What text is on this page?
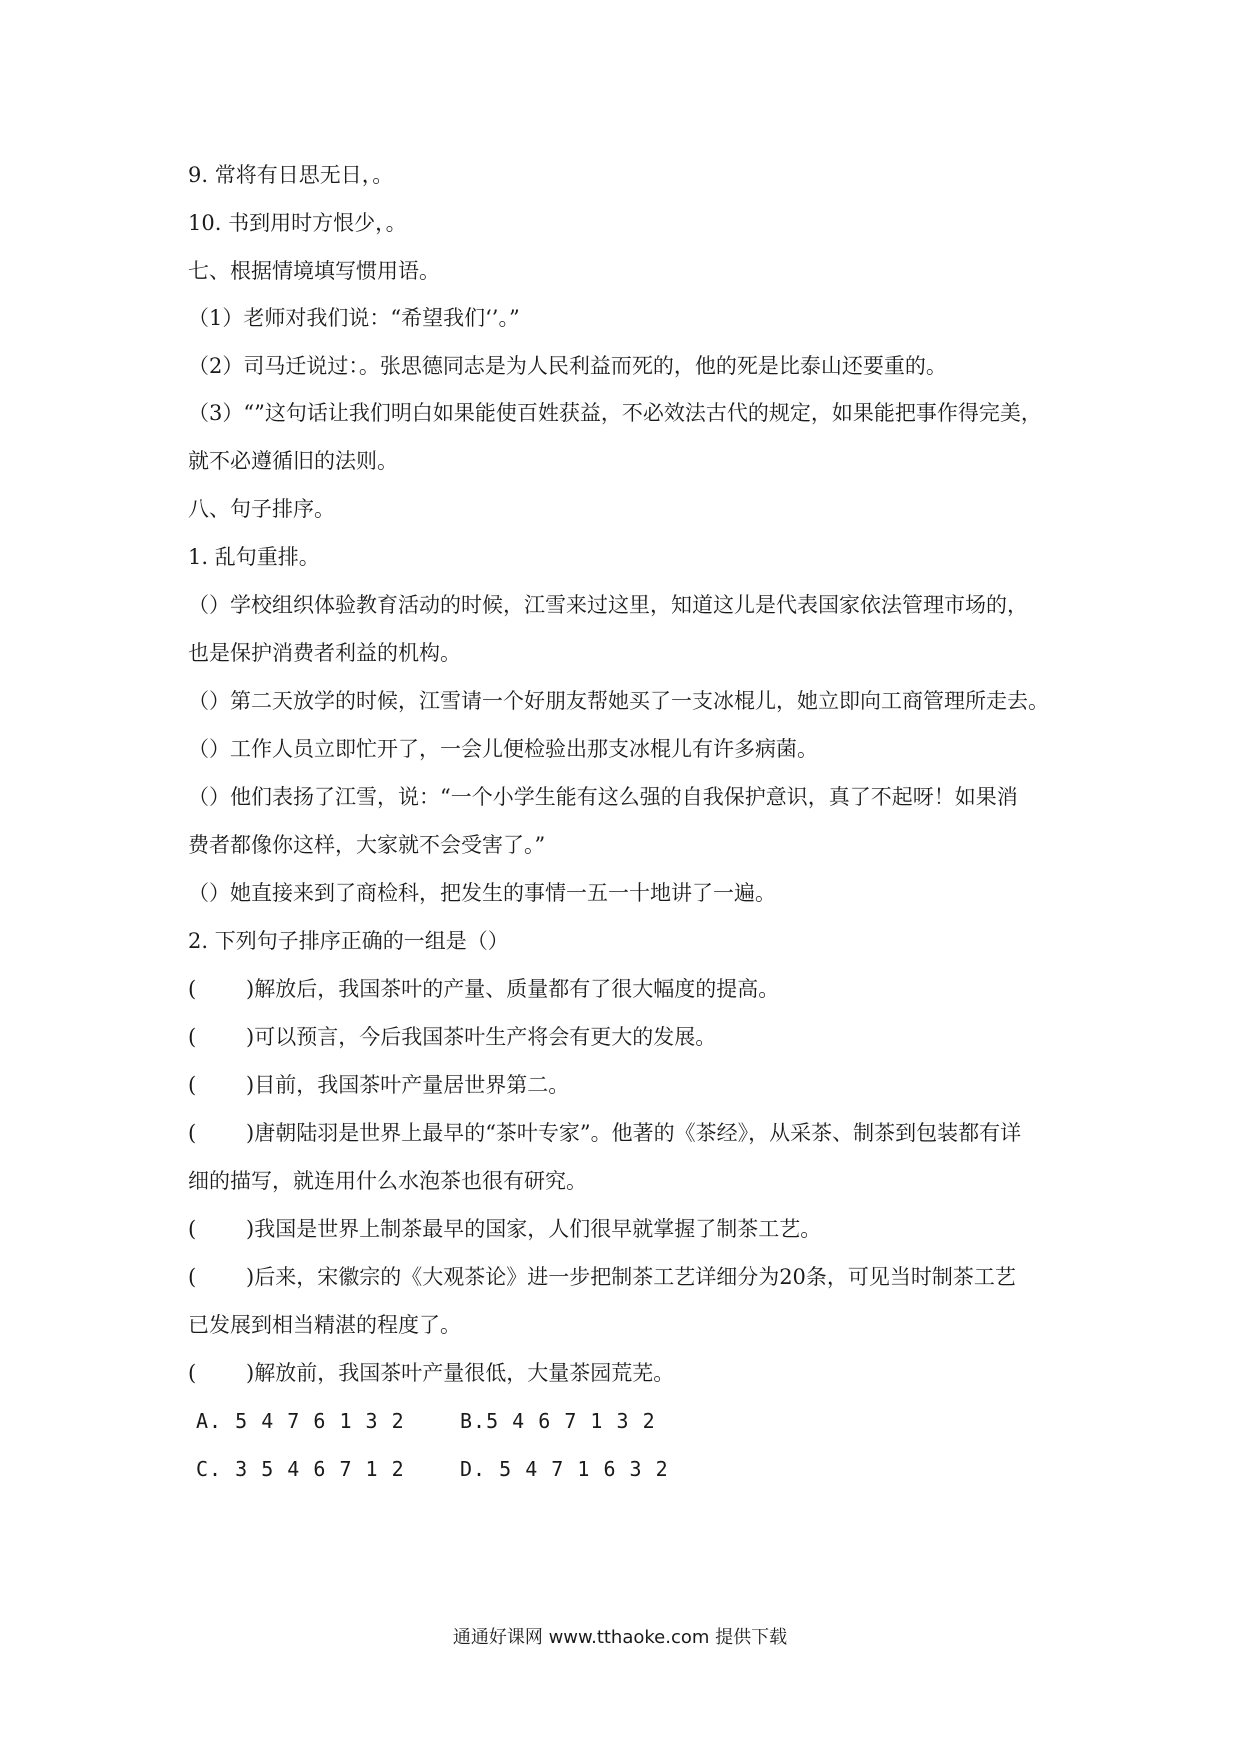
9. 常将有日思无日，。
10. 书到用时方恨少，。
七、根据情境填写惯用语。
（1）老师对我们说：“希望我们‘’。”
（2）司马迁说过：。张思德同志是为人民利益而死的，他的死是比泰山还要重的。
（3）“”这句话让我们明白如果能使百姓获益，不必效法古代的规定，如果能把事作得完美，
就不必遵循旧的法则。
八、句子排序。
1. 乱句重排。
（）学校组织体验教育活动的时候，江雪来过这里，知道这儿是代表国家依法管理市场的，
也是保护消费者利益的机构。
（）第二天放学的时候，江雪请一个好朋友帮她买了一支冰棍儿，她立即向工商管理所走去。
（）工作人员立即忙开了，一会儿便检验出那支冰棍儿有许多病菌。
（）他们表扬了江雪，说：“一个小学生能有这么强的自我保护意识，真了不起呀！如果消
费者都像你这样，大家就不会受害了。”
（）她直接来到了商检科，把发生的事情一五一十地讲了一遍。
2. 下列句子排序正确的一组是（）
( )解放后，我国茶叶的产量、质量都有了很大幅度的提高。
( )可以预言，今后我国茶叶生产将会有更大的发展。
( )目前，我国茶叶产量居世界第二。
( )唐朝陆羽是世界上最早的“茶叶专家”。他著的《茶经》，从采茶、制茶到包装都有详
细的描写，就连用什么水泡茶也很有研究。
( )我国是世界上制茶最早的国家，人们很早就掌握了制茶工艺。
( )后来，宋徽宗的《大观茶论》进一步把制茶工艺详细分为20条，可见当时制茶工艺
已发展到相当精湛的程度了。
( )解放前，我国茶叶产量很低，大量茶园荒芜。
A. 5 4 7 6 1 3 2	B.5 4 6 7 1 3 2
C. 3 5 4 6 7 1 2	D. 5 4 7 1 6 3 2
通通好课网 www.tthaoke.com 提供下载
